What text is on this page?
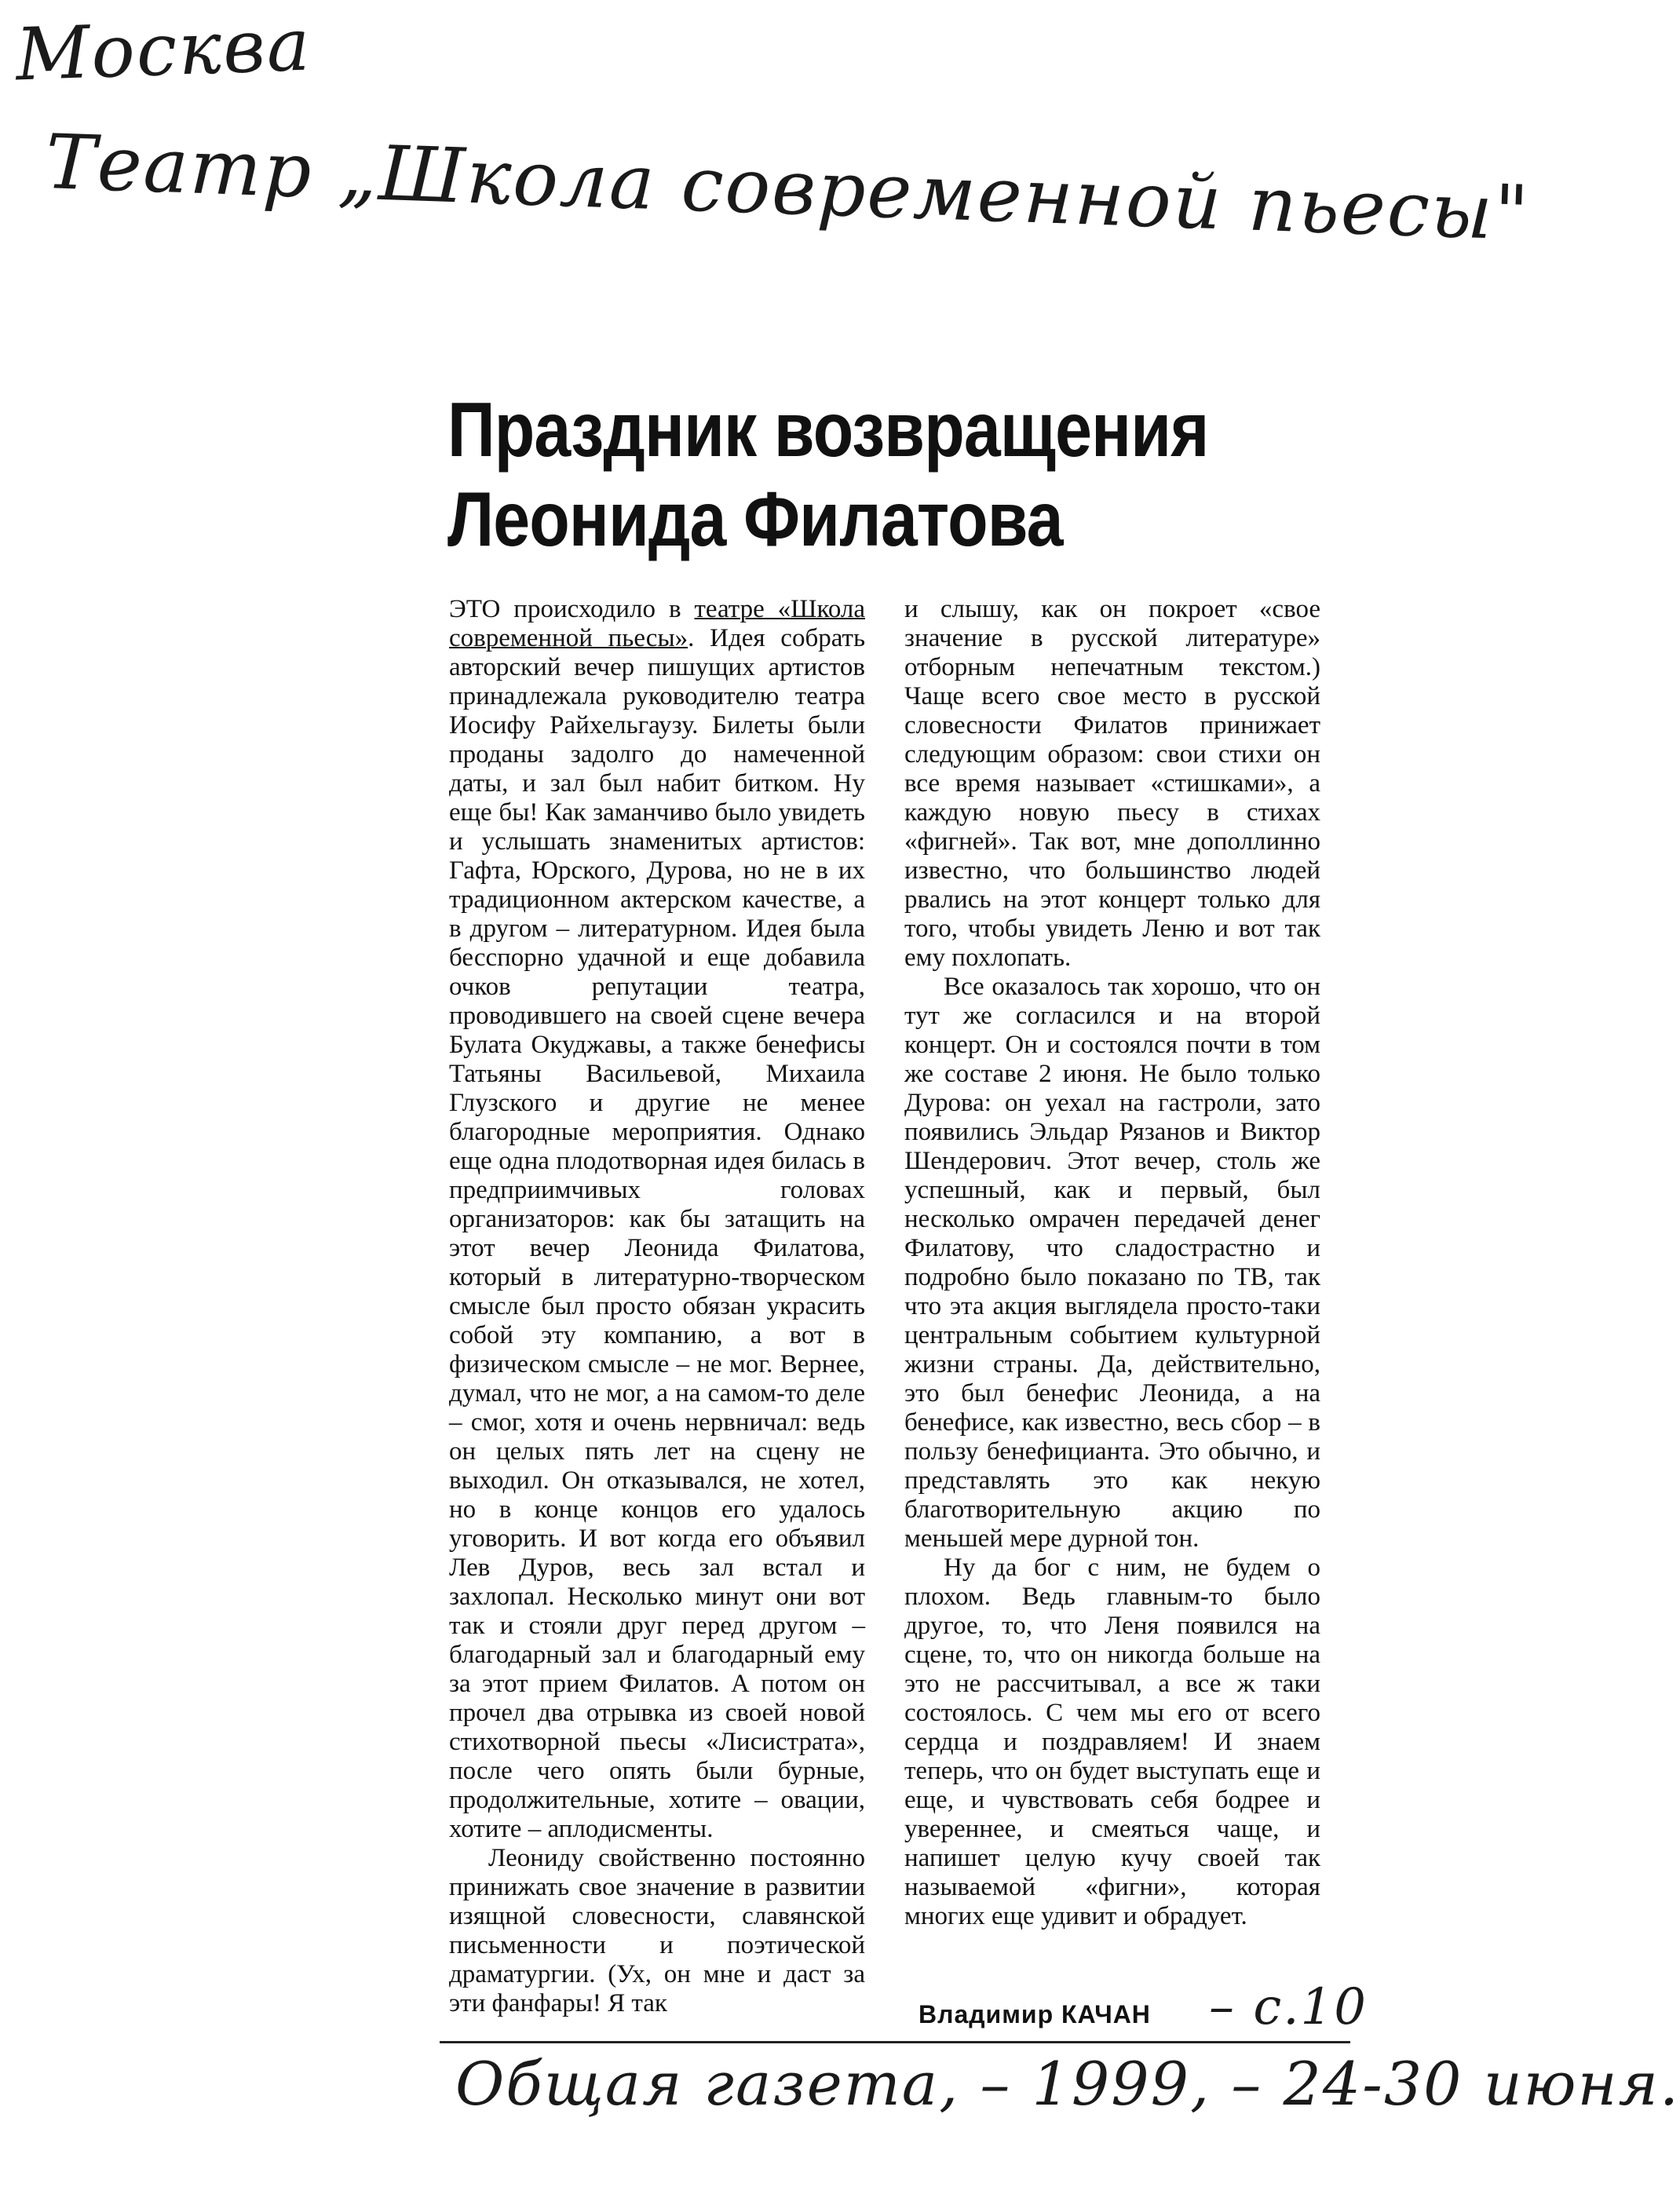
Москва
Театр „Школа современной пьесы"
Праздник возвращения
Леонида Филатова

ЭТО происходило в театре «Школа современной пьесы». Идея собрать авторский вечер пишущих артистов принадлежала руководителю театра Иосифу Райхельгаузу. Билеты были проданы задолго до намеченной даты, и зал был набит битком. Ну еще бы! Как заманчиво было увидеть и услышать знаменитых артистов: Гафта, Юрского, Дурова, но не в их традиционном актерском качестве, а в другом – литературном. Идея была бесспорно удачной и еще добавила очков репутации театра, проводившего на своей сцене вечера Булата Окуджавы, а также бенефисы Татьяны Васильевой, Михаила Глузского и другие не менее благородные мероприятия. Однако еще одна плодотворная идея билась в предприимчивых головах организаторов: как бы затащить на этот вечер Леонида Филатова, который в литературно-творческом смысле был просто обязан украсить собой эту компанию, а вот в физическом смысле – не мог. Вернее, думал, что не мог, а на самом-то деле – смог, хотя и очень нервничал: ведь он целых пять лет на сцену не выходил. Он отказывался, не хотел, но в конце концов его удалось уговорить. И вот когда его объявил Лев Дуров, весь зал встал и захлопал. Несколько минут они вот так и стояли друг перед другом – благодарный зал и благодарный ему за этот прием Филатов. А потом он прочел два отрывка из своей новой стихотворной пьесы «Лисистрата», после чего опять были бурные, продолжительные, хотите – овации, хотите – аплодисменты.

Леониду свойственно постоянно принижать свое значение в развитии изящной словесности, славянской письменности и поэтической драматургии. (Ух, он мне и даст за эти фанфары! Я так

и слышу, как он покроет «свое значение в русской литературе» отборным непечатным текстом.) Чаще всего свое место в русской словесности Филатов принижает следующим образом: свои стихи он все время называет «стишками», а каждую новую пьесу в стихах «фигней». Так вот, мне дополлинно известно, что большинство людей рвались на этот концерт только для того, чтобы увидеть Леню и вот так ему похлопать.

Все оказалось так хорошо, что он тут же согласился и на второй концерт. Он и состоялся почти в том же составе 2 июня. Не было только Дурова: он уехал на гастроли, зато появились Эльдар Рязанов и Виктор Шендерович. Этот вечер, столь же успешный, как и первый, был несколько омрачен передачей денег Филатову, что сладострастно и подробно было показано по ТВ, так что эта акция выглядела просто-таки центральным событием культурной жизни страны. Да, действительно, это был бенефис Леонида, а на бенефисе, как известно, весь сбор – в пользу бенефицианта. Это обычно, и представлять это как некую благотворительную акцию по меньшей мере дурной тон.

Ну да бог с ним, не будем о плохом. Ведь главным-то было другое, то, что Леня появился на сцене, то, что он никогда больше на это не рассчитывал, а все ж таки состоялось. С чем мы его от всего сердца и поздравляем! И знаем теперь, что он будет выступать еще и еще, и чувствовать себя бодрее и увереннее, и смеяться чаще, и напишет целую кучу своей так называемой «фигни», которая многих еще удивит и обрадует.

Владимир КАЧАН – с.10
Общая газета, – 1999, – 24-30 июня.
